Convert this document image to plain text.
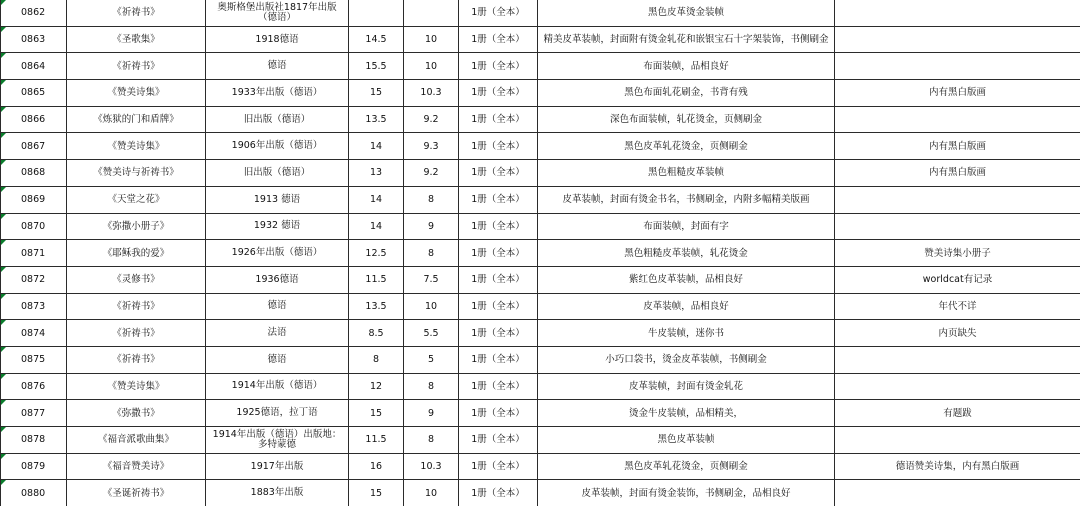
0862	《祈祷书》	奥斯格堡出版社1817年出版（德语）			1册（全本）	黑色皮革烫金装帧	
0863	《圣歌集》	1918德语	14.5	10	1册（全本）	精美皮革装帧，封面附有烫金轧花和嵌银宝石十字架装饰，书侧刷金	
0864	《祈祷书》	德语	15.5	10	1册（全本）	布面装帧，品相良好	
0865	《赞美诗集》	1933年出版（德语）	15	10.3	1册（全本）	黑色布面轧花刷金，书背有残	内有黑白版画
0866	《炼狱的门和盾牌》	旧出版（德语）	13.5	9.2	1册（全本）	深色布面装帧，轧花烫金，页侧刷金	
0867	《赞美诗集》	1906年出版（德语）	14	9.3	1册（全本）	黑色皮革轧花烫金，页侧刷金	内有黑白版画
0868	《赞美诗与祈祷书》	旧出版（德语）	13	9.2	1册（全本）	黑色粗糙皮革装帧	内有黑白版画
0869	《天堂之花》	1913 德语	14	8	1册（全本）	皮革装帧，封面有烫金书名，书侧刷金，内附多幅精美版画	
0870	《弥撒小册子》	1932 德语	14	9	1册（全本）	布面装帧，封面有字	
0871	《耶稣我的爱》	1926年出版（德语）	12.5	8	1册（全本）	黑色粗糙皮革装帧，轧花烫金	赞美诗集小册子
0872	《灵修书》	1936德语	11.5	7.5	1册（全本）	紫红色皮革装帧，品相良好	worldcat有记录
0873	《祈祷书》	德语	13.5	10	1册（全本）	皮革装帧，品相良好	年代不详
0874	《祈祷书》	法语	8.5	5.5	1册（全本）	牛皮装帧，迷你书	内页缺失
0875	《祈祷书》	德语	8	5	1册（全本）	小巧口袋书，烫金皮革装帧，书侧刷金	
0876	《赞美诗集》	1914年出版（德语）	12	8	1册（全本）	皮革装帧，封面有烫金轧花	
0877	《弥撒书》	1925德语，拉丁语	15	9	1册（全本）	烫金牛皮装帧，品相精美，	有题跋
0878	《福音派歌曲集》	1914年出版（德语）出版地：多特蒙德	11.5	8	1册（全本）	黑色皮革装帧	
0879	《福音赞美诗》	1917年出版	16	10.3	1册（全本）	黑色皮革轧花烫金，页侧刷金	德语赞美诗集，内有黑白版画
0880	《圣诞祈祷书》	1883年出版	15	10	1册（全本）	皮革装帧，封面有烫金装饰，书侧刷金，品相良好	
